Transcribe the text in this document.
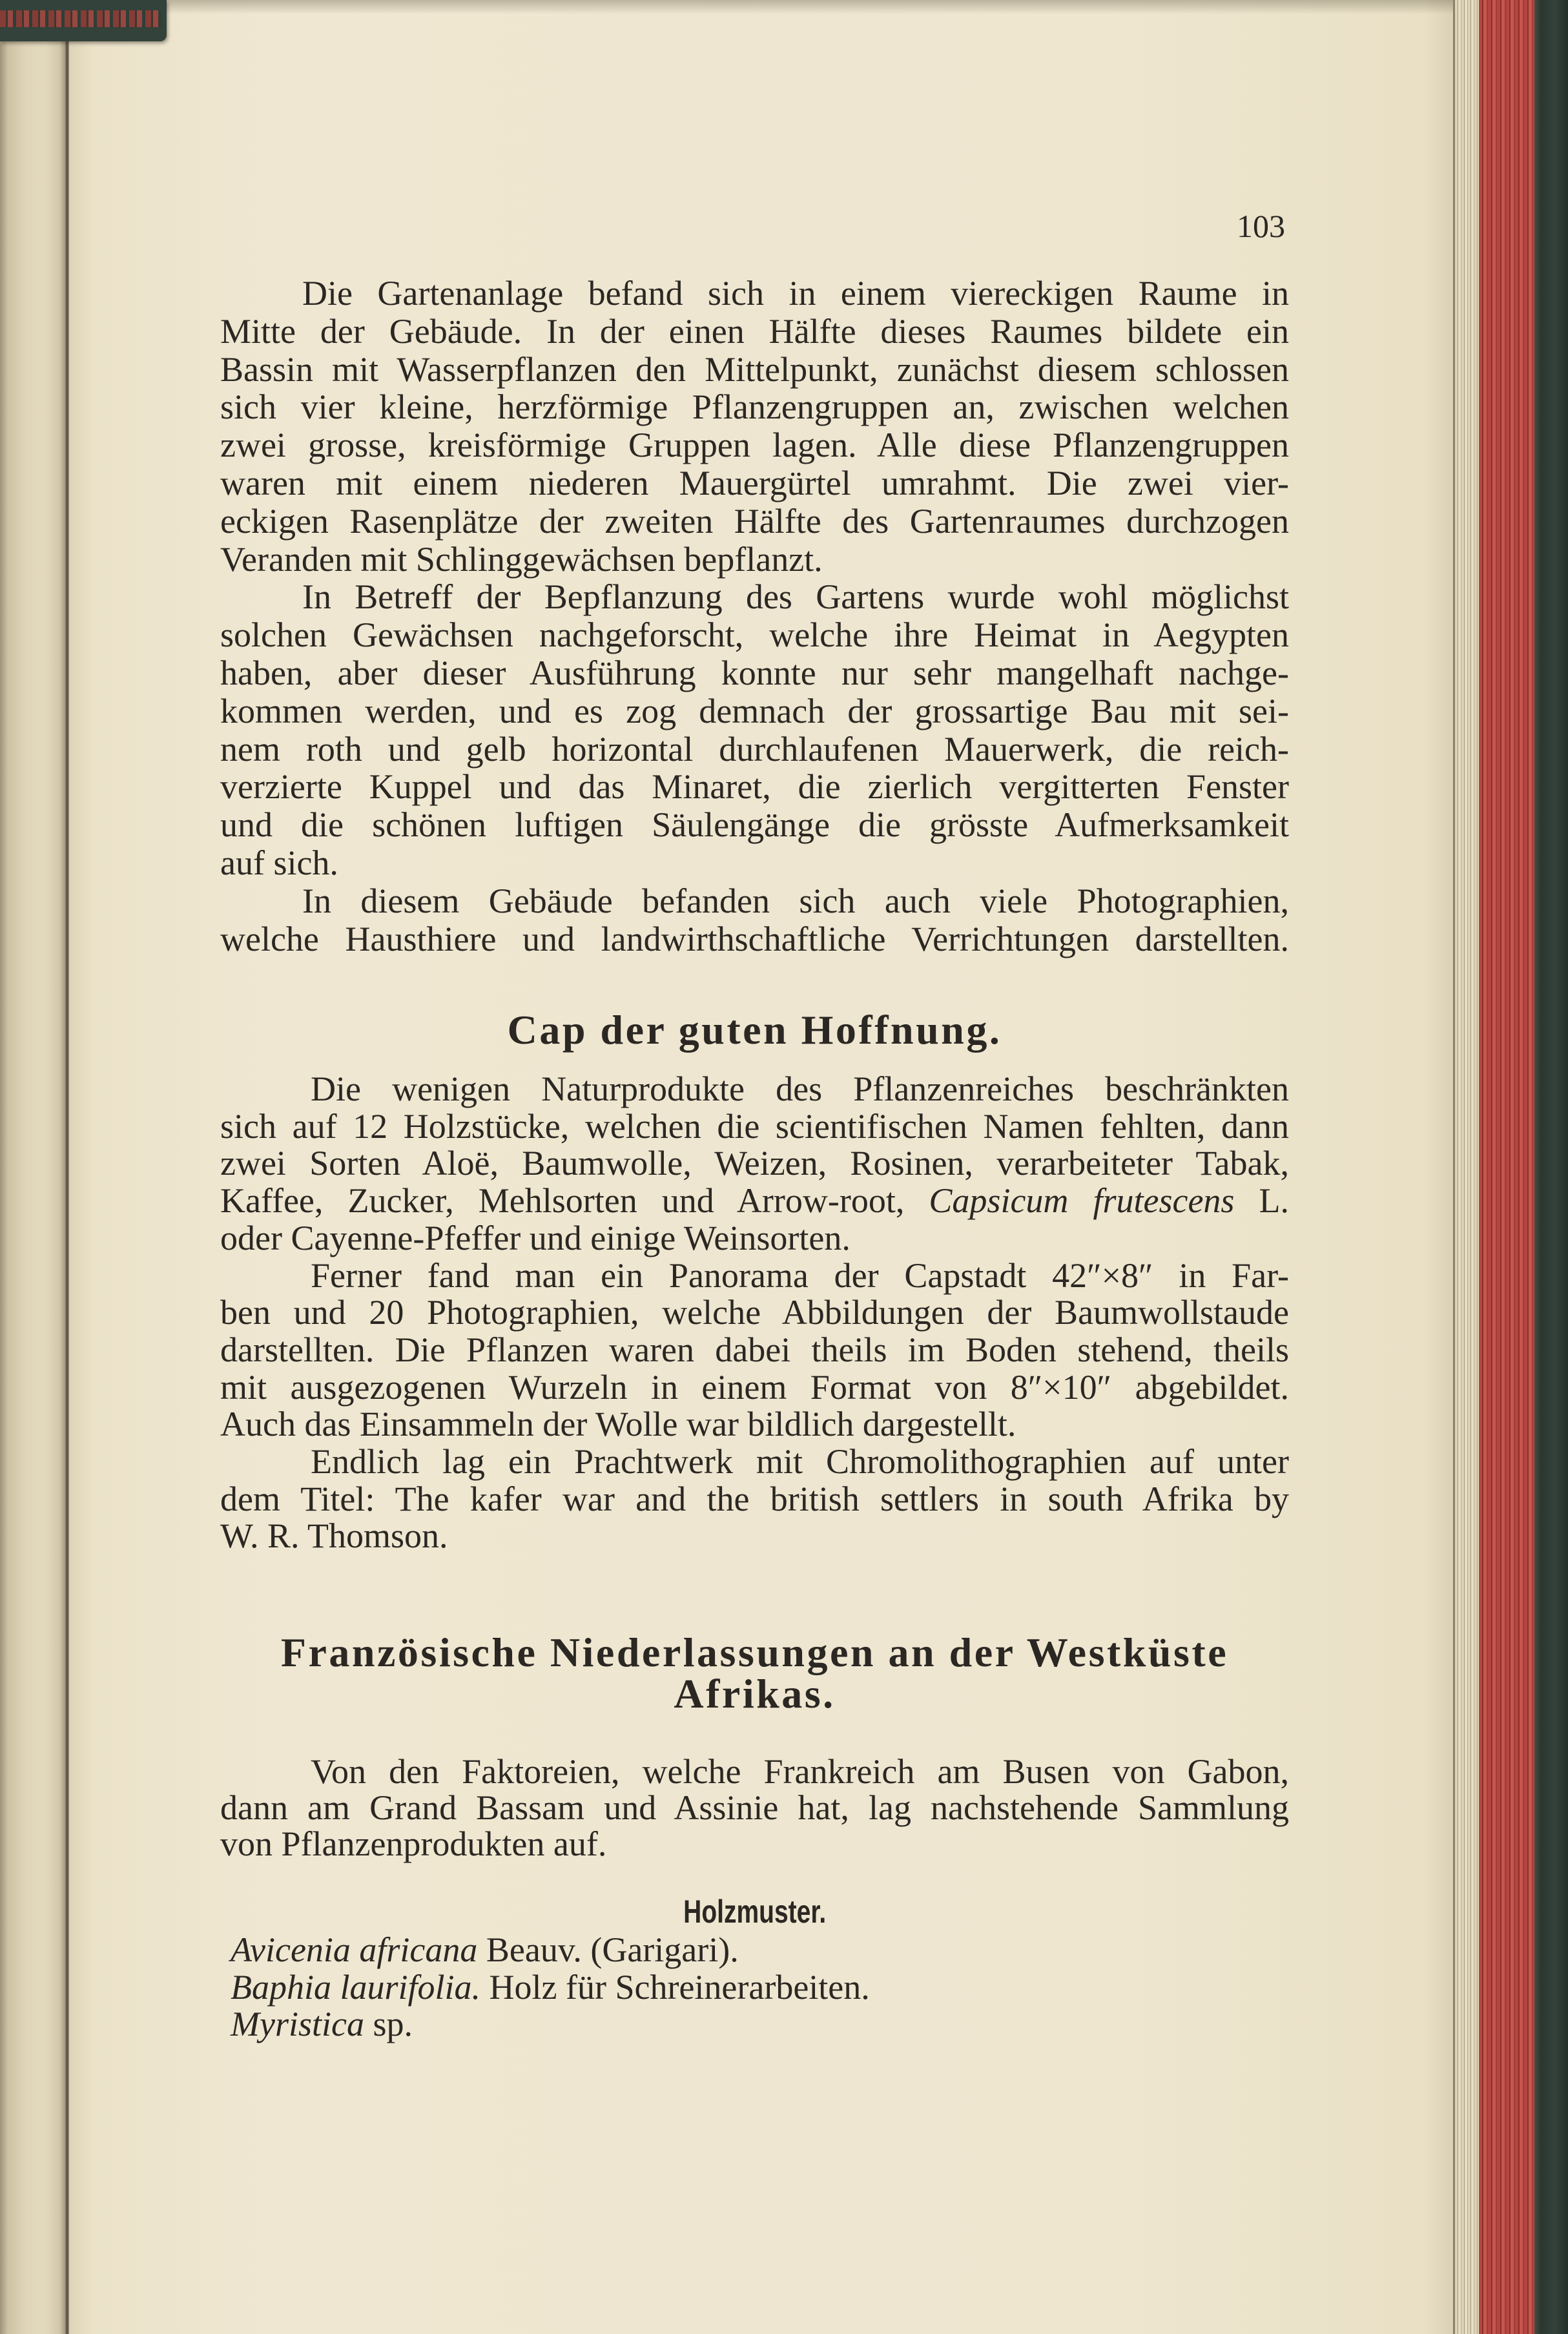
103
Die Gartenanlage befand sich in einem viereckigen Raume in
Mitte der Gebäude. In der einen Hälfte dieses Raumes bildete ein
Bassin mit Wasserpflanzen den Mittelpunkt, zunächst diesem schlossen
sich vier kleine, herzförmige Pflanzengruppen an, zwischen welchen
zwei grosse, kreisförmige Gruppen lagen. Alle diese Pflanzengruppen
waren mit einem niederen Mauergürtel umrahmt. Die zwei vier-
eckigen Rasenplätze der zweiten Hälfte des Gartenraumes durchzogen
Veranden mit Schlinggewächsen bepflanzt.
In Betreff der Bepflanzung des Gartens wurde wohl möglichst
solchen Gewächsen nachgeforscht, welche ihre Heimat in Aegypten
haben, aber dieser Ausführung konnte nur sehr mangelhaft nachge-
kommen werden, und es zog demnach der grossartige Bau mit sei-
nem roth und gelb horizontal durchlaufenen Mauerwerk, die reich-
verzierte Kuppel und das Minaret, die zierlich vergitterten Fenster
und die schönen luftigen Säulengänge die grösste Aufmerksamkeit
auf sich.
In diesem Gebäude befanden sich auch viele Photographien,
welche Hausthiere und landwirthschaftliche Verrichtungen darstellten.
Cap der guten Hoffnung.
Die wenigen Naturprodukte des Pflanzenreiches beschränkten
sich auf 12 Holzstücke, welchen die scientifischen Namen fehlten, dann
zwei Sorten Aloë, Baumwolle, Weizen, Rosinen, verarbeiteter Tabak,
Kaffee, Zucker, Mehlsorten und Arrow-root, Capsicum frutescens L.
oder Cayenne-Pfeffer und einige Weinsorten.
Ferner fand man ein Panorama der Capstadt 42″×8″ in Far-
ben und 20 Photographien, welche Abbildungen der Baumwollstaude
darstellten. Die Pflanzen waren dabei theils im Boden stehend, theils
mit ausgezogenen Wurzeln in einem Format von 8″×10″ abgebildet.
Auch das Einsammeln der Wolle war bildlich dargestellt.
Endlich lag ein Prachtwerk mit Chromolithographien auf unter
dem Titel: The kafer war and the british settlers in south Afrika by
W. R. Thomson.
Französische Niederlassungen an der Westküste
Afrikas.
Von den Faktoreien, welche Frankreich am Busen von Gabon,
dann am Grand Bassam und Assinie hat, lag nachstehende Sammlung
von Pflanzenprodukten auf.
Holzmuster.
Avicenia africana Beauv. (Garigari).
Baphia laurifolia. Holz für Schreinerarbeiten.
Myristica sp.
